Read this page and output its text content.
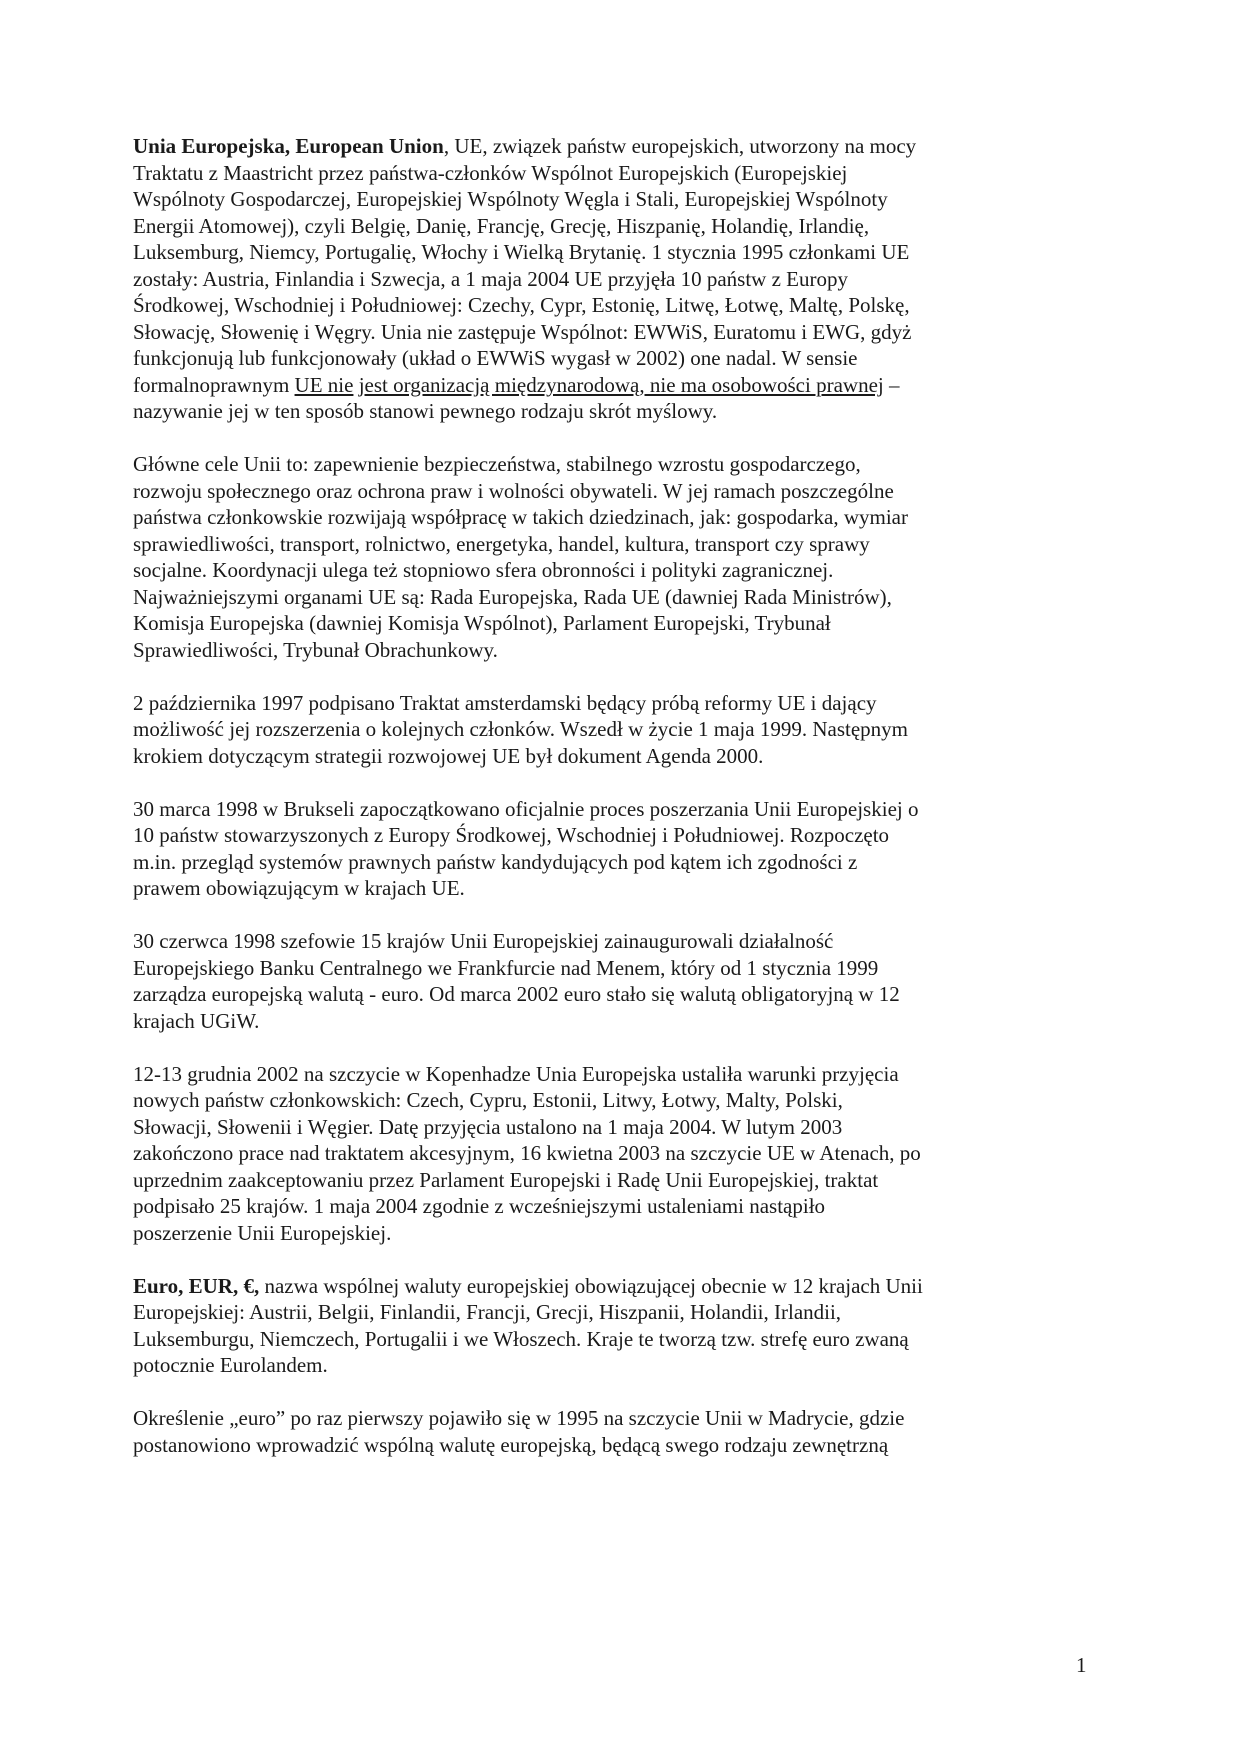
Unia Europejska, European Union, UE, związek państw europejskich, utworzony na mocy
Traktatu z Maastricht przez państwa-członków Wspólnot Europejskich (Europejskiej
Wspólnoty Gospodarczej, Europejskiej Wspólnoty Węgla i Stali, Europejskiej Wspólnoty
Energii Atomowej), czyli Belgię, Danię, Francję, Grecję, Hiszpanię, Holandię, Irlandię,
Luksemburg, Niemcy, Portugalię, Włochy i Wielką Brytanię. 1 stycznia 1995 członkami UE
zostały: Austria, Finlandia i Szwecja, a 1 maja 2004 UE przyjęła 10 państw z Europy
Środkowej, Wschodniej i Południowej: Czechy, Cypr, Estonię, Litwę, Łotwę, Maltę, Polskę,
Słowację, Słowenię i Węgry. Unia nie zastępuje Wspólnot: EWWiS, Euratomu i EWG, gdyż
funkcjonują lub funkcjonowały (układ o EWWiS wygasł w 2002) one nadal. W sensie
formalnoprawnym UE nie jest organizacją międzynarodową, nie ma osobowości prawnej –
nazywanie jej w ten sposób stanowi pewnego rodzaju skrót myślowy.
Główne cele Unii to: zapewnienie bezpieczeństwa, stabilnego wzrostu gospodarczego,
rozwoju społecznego oraz ochrona praw i wolności obywateli. W jej ramach poszczególne
państwa członkowskie rozwijają współpracę w takich dziedzinach, jak: gospodarka, wymiar
sprawiedliwości, transport, rolnictwo, energetyka, handel, kultura, transport czy sprawy
socjalne. Koordynacji ulega też stopniowo sfera obronności i polityki zagranicznej.
Najważniejszymi organami UE są: Rada Europejska, Rada UE (dawniej Rada Ministrów),
Komisja Europejska (dawniej Komisja Wspólnot), Parlament Europejski, Trybunał
Sprawiedliwości, Trybunał Obrachunkowy.
2 października 1997 podpisano Traktat amsterdamski będący próbą reformy UE i dający
możliwość jej rozszerzenia o kolejnych członków. Wszedł w życie 1 maja 1999. Następnym
krokiem dotyczącym strategii rozwojowej UE był dokument Agenda 2000.
30 marca 1998 w Brukseli zapoczątkowano oficjalnie proces poszerzania Unii Europejskiej o
10 państw stowarzyszonych z Europy Środkowej, Wschodniej i Południowej. Rozpoczęto
m.in. przegląd systemów prawnych państw kandydujących pod kątem ich zgodności z
prawem obowiązującym w krajach UE.
30 czerwca 1998 szefowie 15 krajów Unii Europejskiej zainaugurowali działalność
Europejskiego Banku Centralnego we Frankfurcie nad Menem, który od 1 stycznia 1999
zarządza europejską walutą - euro. Od marca 2002 euro stało się walutą obligatoryjną w 12
krajach UGiW.
12-13 grudnia 2002 na szczycie w Kopenhadze Unia Europejska ustaliła warunki przyjęcia
nowych państw członkowskich: Czech, Cypru, Estonii, Litwy, Łotwy, Malty, Polski,
Słowacji, Słowenii i Węgier. Datę przyjęcia ustalono na 1 maja 2004. W lutym 2003
zakończono prace nad traktatem akcesyjnym, 16 kwietna 2003 na szczycie UE w Atenach, po
uprzednim zaakceptowaniu przez Parlament Europejski i Radę Unii Europejskiej, traktat
podpisało 25 krajów. 1 maja 2004 zgodnie z wcześniejszymi ustaleniami nastąpiło
poszerzenie Unii Europejskiej.
Euro, EUR, €, nazwa wspólnej waluty europejskiej obowiązującej obecnie w 12 krajach Unii
Europejskiej: Austrii, Belgii, Finlandii, Francji, Grecji, Hiszpanii, Holandii, Irlandii,
Luksemburgu, Niemczech, Portugalii i we Włoszech. Kraje te tworzą tzw. strefę euro zwaną
potocznie Eurolandem.
Określenie „euro” po raz pierwszy pojawiło się w 1995 na szczycie Unii w Madrycie, gdzie
postanowiono wprowadzić wspólną walutę europejską, będącą swego rodzaju zewnętrzną
1
